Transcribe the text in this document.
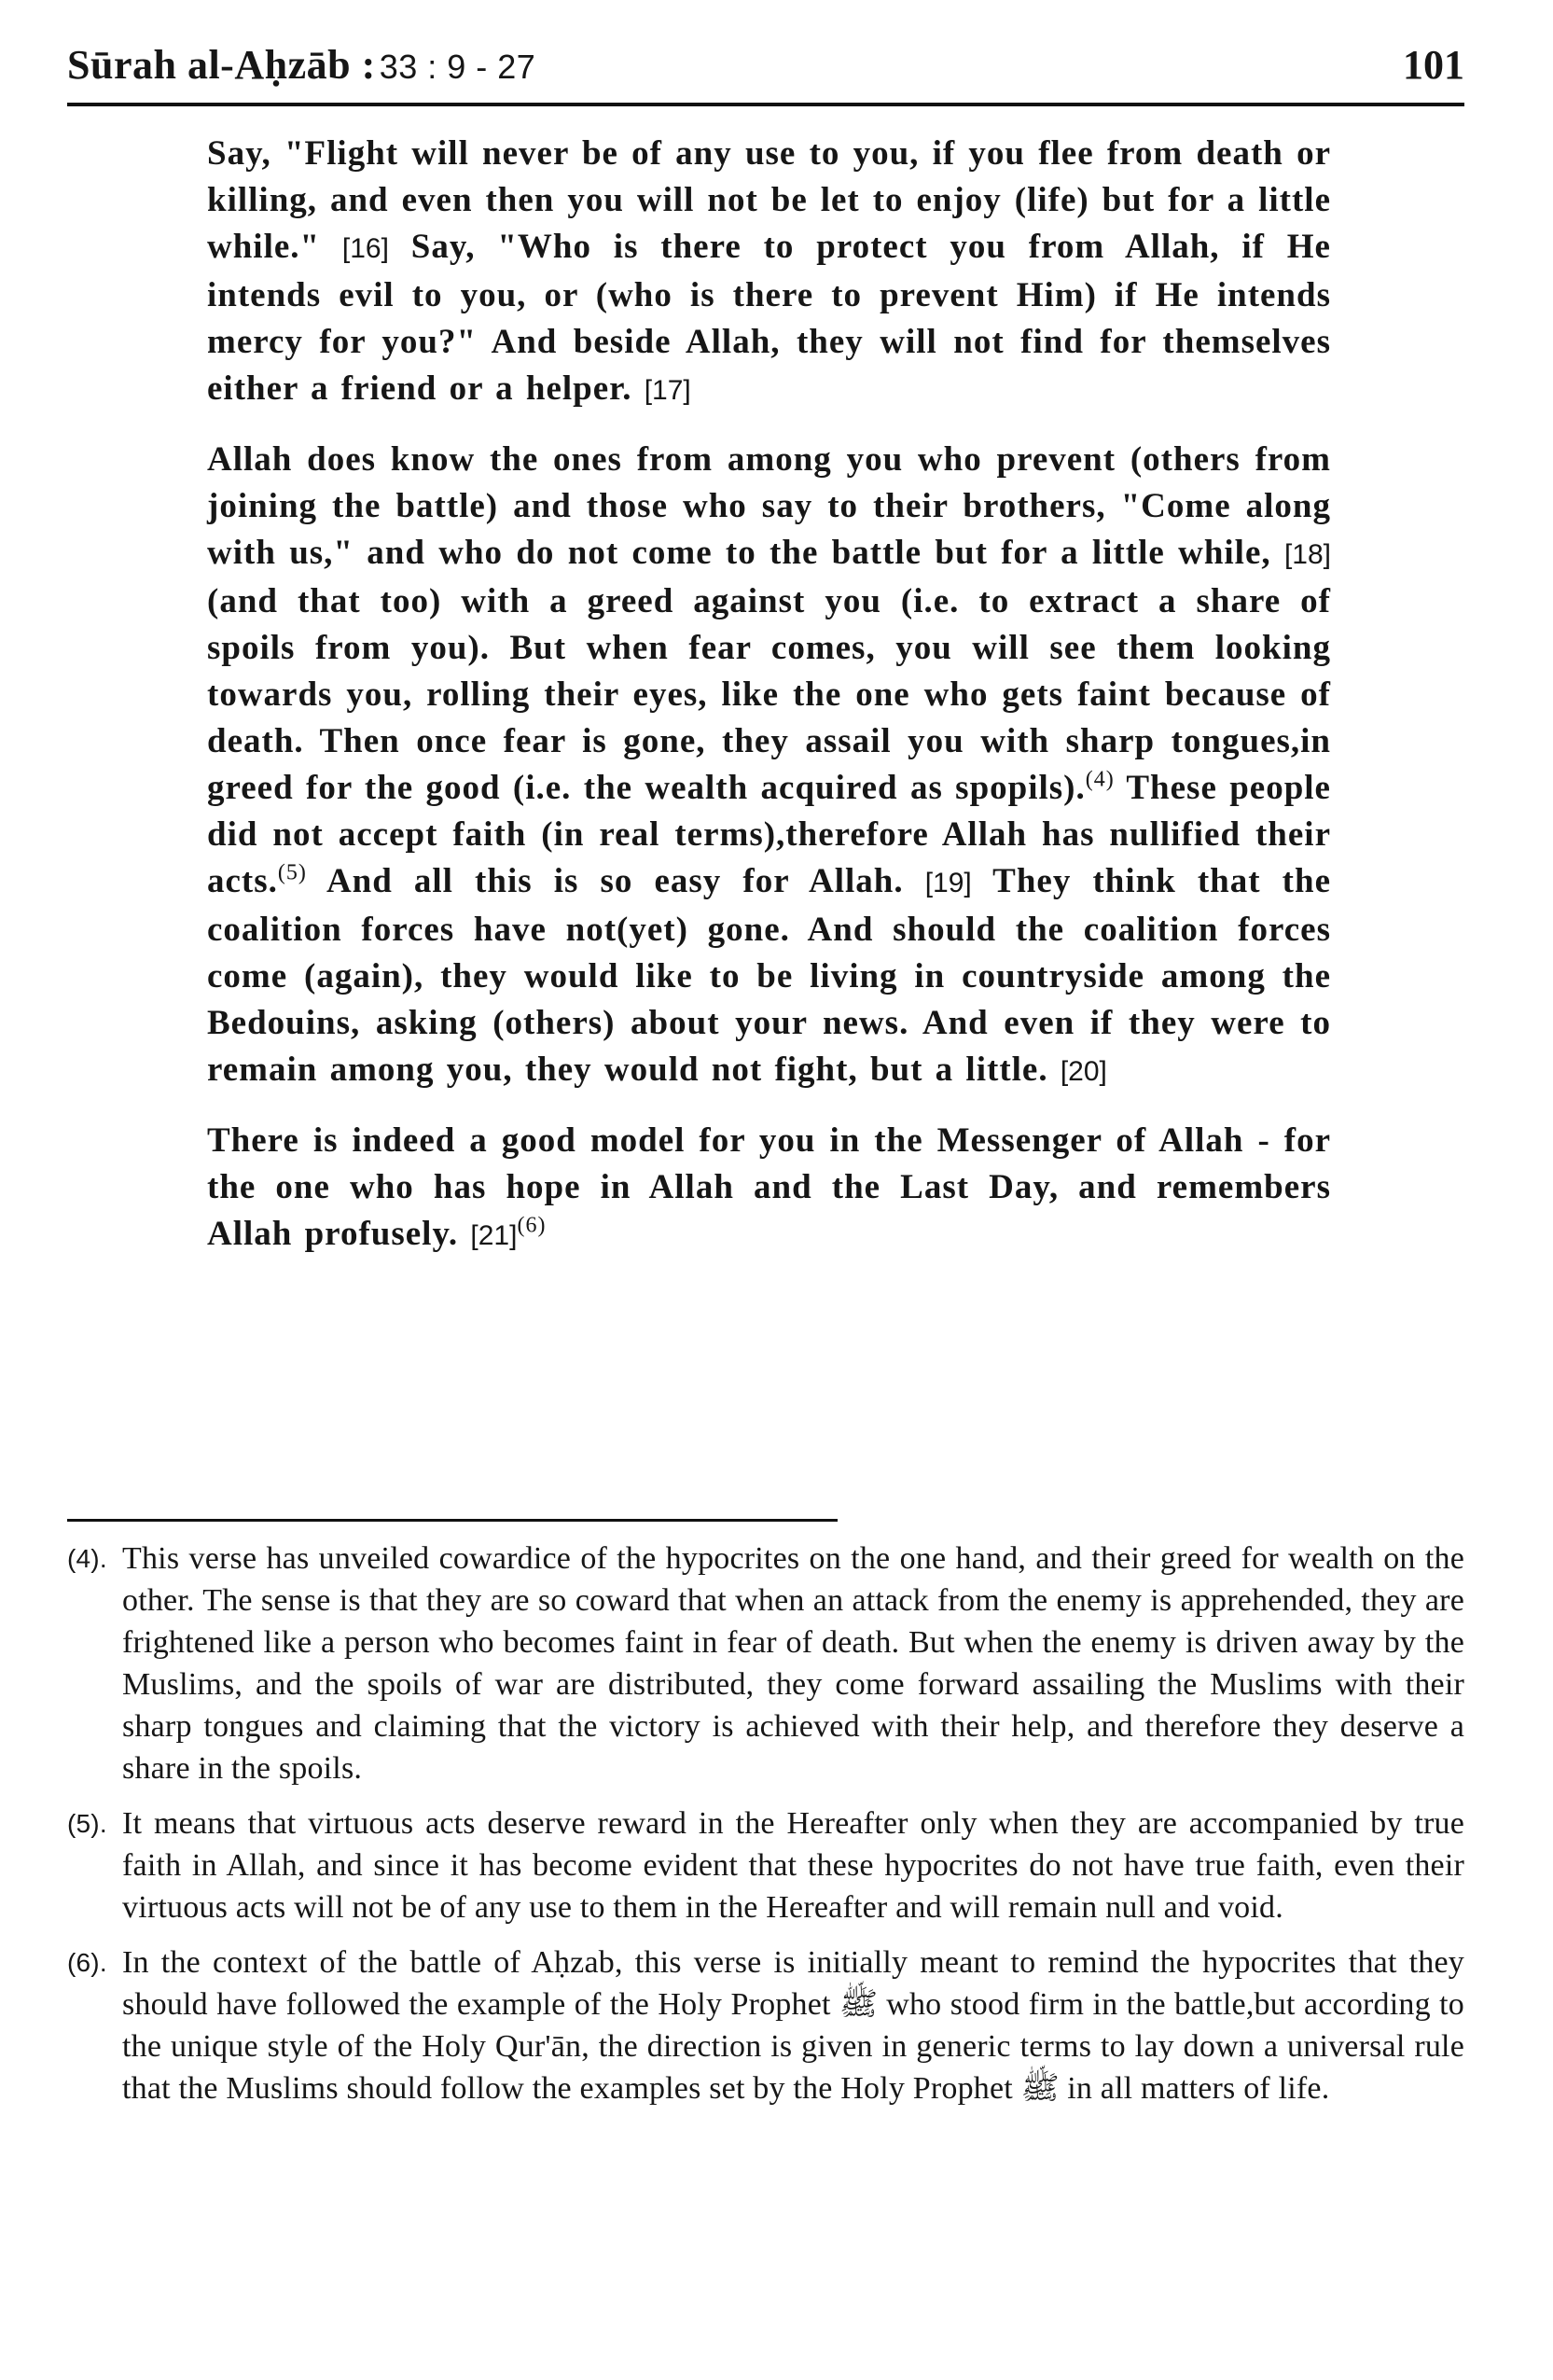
Sūrah al-Aḥzāb : 33 : 9 - 27	101

Say, "Flight will never be of any use to you, if you flee from death or killing, and even then you will not be let to enjoy (life) but for a little while." [16] Say, "Who is there to protect you from Allah, if He intends evil to you, or (who is there to prevent Him) if He intends mercy for you?" And beside Allah, they will not find for themselves either a friend or a helper. [17]

Allah does know the ones from among you who prevent (others from joining the battle) and those who say to their brothers, "Come along with us," and who do not come to the battle but for a little while, [18] (and that too) with a greed against you (i.e. to extract a share of spoils from you). But when fear comes, you will see them looking towards you, rolling their eyes, like the one who gets faint because of death. Then once fear is gone, they assail you with sharp tongues,in greed for the good (i.e. the wealth acquired as spopils).$^{(4)}$ These people did not accept faith (in real terms),therefore Allah has nullified their acts.$^{(5)}$ And all this is so easy for Allah. [19] They think that the coalition forces have not(yet) gone. And should the coalition forces come (again), they would like to be living in countryside among the Bedouins, asking (others) about your news. And even if they were to remain among you, they would not fight, but a little. [20]

There is indeed a good model for you in the Messenger of Allah - for the one who has hope in Allah and the Last Day, and remembers Allah profusely. $[21]^{(6)}$

(4). This verse has unveiled cowardice of the hypocrites on the one hand, and their greed for wealth on the other. The sense is that they are so coward that when an attack from the enemy is apprehended, they are frightened like a person who becomes faint in fear of death. But when the enemy is driven away by the Muslims, and the spoils of war are distributed, they come forward assailing the Muslims with their sharp tongues and claiming that the victory is achieved with their help, and therefore they deserve a share in the spoils.

(5). It means that virtuous acts deserve reward in the Hereafter only when they are accompanied by true faith in Allah, and since it has become evident that these hypocrites do not have true faith, even their virtuous acts will not be of any use to them in the Hereafter and will remain null and void.

(6). In the context of the battle of Aḥzab, this verse is initially meant to remind the hypocrites that they should have followed the example of the Holy Prophet ﷺ who stood firm in the battle,but according to the unique style of the Holy Qur'ān, the direction is given in generic terms to lay down a universal rule that the Muslims should follow the examples set by the Holy Prophet ﷺ in all matters of life.
